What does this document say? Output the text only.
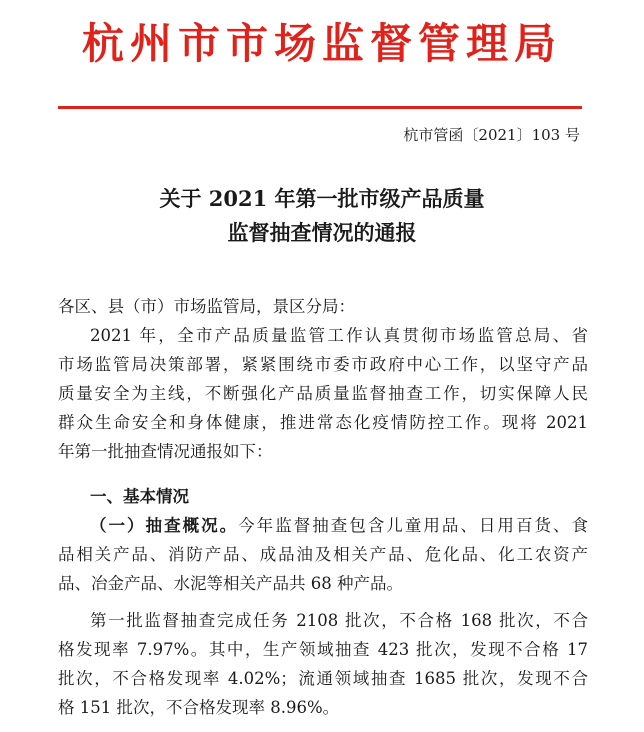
杭州市市场监督管理局
杭市管函〔2021〕103 号
关于 2021 年第一批市级产品质量
监督抽查情况的通报
各区、县（市）市场监管局，景区分局：
2021 年，全市产品质量监管工作认真贯彻市场监管总局、省
市场监管局决策部署，紧紧围绕市委市政府中心工作，以坚守产品
质量安全为主线，不断强化产品质量监督抽查工作，切实保障人民
群众生命安全和身体健康，推进常态化疫情防控工作。现将 2021
年第一批抽查情况通报如下：
一、基本情况
（一）抽查概况。今年监督抽查包含儿童用品、日用百货、食
品相关产品、消防产品、成品油及相关产品、危化品、化工农资产
品、冶金产品、水泥等相关产品共 68 种产品。
第一批监督抽查完成任务 2108 批次，不合格 168 批次，不合
格发现率 7.97%。其中，生产领域抽查 423 批次，发现不合格 17
批次，不合格发现率 4.02%；流通领域抽查 1685 批次，发现不合
格 151 批次，不合格发现率 8.96%。
